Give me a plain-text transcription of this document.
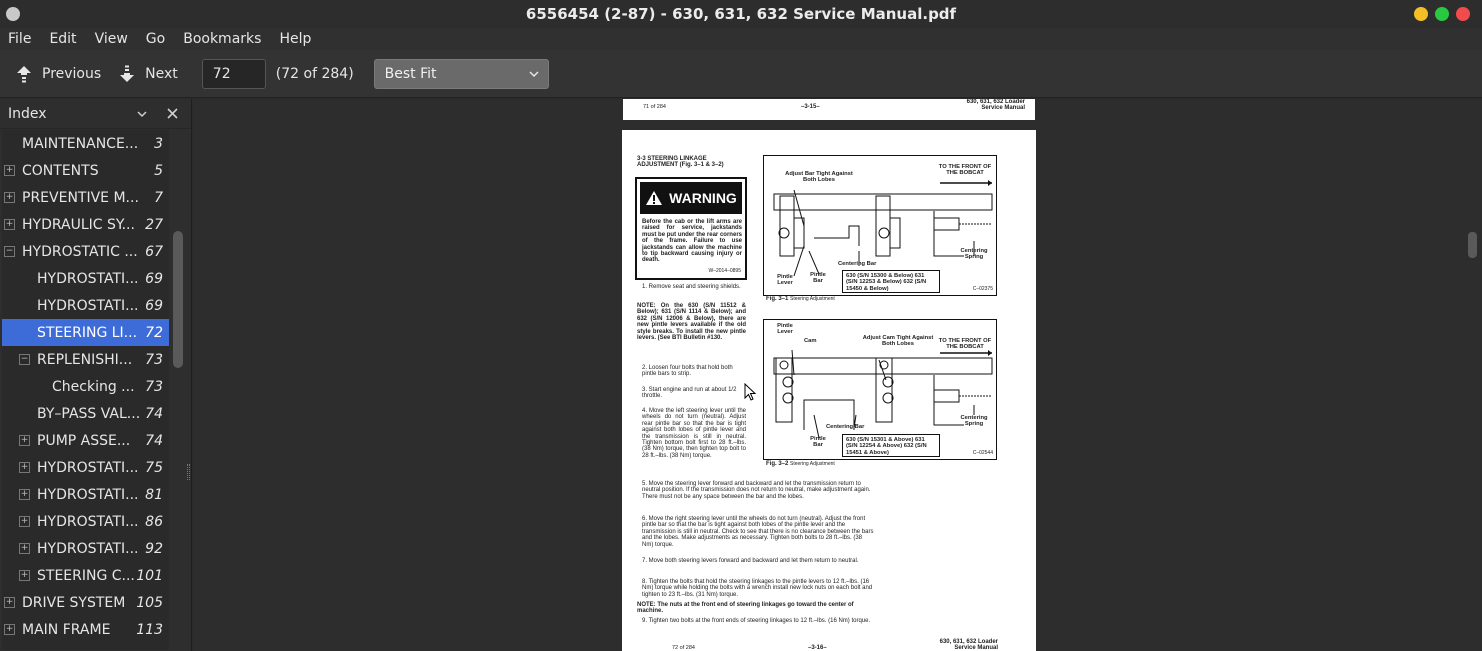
6556454 (2-87) - 630, 631, 632 Service Manual.pdf
File Edit View Go Bookmarks Help
Previous	Next
72	(72 of 284) Best Fit
Index
MAINTENANCE... 3
+ CONTENTS	5
+ PREVENTIVE M... 7
+ HYDRAULIC SY... 27
− HYDROSTATIC ... 67
HYDROSTATI... 69
HYDROSTATI... 69
STEERING LI... 72
− REPLENISHI... 73
Checking ... 73
BY–PASS VAL... 74
+ PUMP ASSE... 74
+ HYDROSTATI... 75
+ HYDROSTATI... 81
+ HYDROSTATI... 86
+ HYDROSTATI... 92
+ STEERING C... 101
+ DRIVE SYSTEM 105
+ MAIN FRAME 113
71 of 284	–3-15–
630, 631, 632 Loader
Service Manual
3-3 STEERING LINKAGE ADJUSTMENT (Fig. 3–1 & 3–2)
WARNING
Before the cab or the lift arms are raised for service, jackstands must be put under the rear corners of the frame. Failure to use jackstands can allow the machine to tip backward causing injury or death.
W–2014–0895
1. Remove seat and steering shields.
NOTE: On the 630 (S/N 11512 & Below); 631 (S/N 1114 & Below); and 632 (S/N 12006 & Below), there are new pintle levers available if the old style breaks. To install the new pintle levers. (See BTI Bulletin #130.
2. Loosen four bolts that hold both pintle bars to strip.
3. Start engine and run at about 1/2 throttle.
4. Move the left steering lever until the wheels do not turn (neutral). Adjust rear pintle bar so that the bar is tight against both lobes of pintle lever and the transmission is still in neutral. Tighten bottom bolt first to 28 ft.–lbs. (38 Nm) torque, then tighten top bolt to 28 ft.–lbs. (38 Nm) torque.
5. Move the steering lever forward and backward and let the transmission return to neutral position. If the transmission does not return to neutral, make adjustment again. There must not be any space between the bar and the lobes.
6. Move the right steering lever until the wheels do not turn (neutral). Adjust the front pintle bar so that the bar is tight against both lobes of the pintle lever and the transmission is still in neutral. Check to see that there is no clearance between the bars and the lobes. Make adjustments as necessary. Tighten both bolts to 28 ft.–lbs. (38 Nm) torque.
7. Move both steering levers forward and backward and let them return to neutral.
8. Tighten the bolts that hold the steering linkages to the pintle levers to 12 ft.–lbs. (16 Nm) torque while holding the bolts with a wrench install new lock nuts on each bolt and tighten to 23 ft.–lbs. (31 Nm) torque.
NOTE: The nuts at the front end of steering linkages go toward the center of machine.
9. Tighten two bolts at the front ends of steering linkages to 12 ft.–lbs. (16 Nm) torque.
Adjust Bar Tight Against Both Lobes
TO THE FRONT OF THE BOBCAT
Pintle Lever
Pintle Bar
Centering Bar
Centering Spring
630 (S/N 15300 & Below) 631 (S/N 12253 & Below) 632 (S/N 15450 & Below)	C–02375
Fig. 3–1 Steering Adjustment
Pintle Lever
Cam	Adjust Cam Tight Against Both Lobes
TO THE FRONT OF THE BOBCAT
Pintle Bar
Centering Bar
Centering Spring
630 (S/N 15301 & Above) 631 (S/N 12254 & Above) 632 (S/N 15451 & Above)	C–02544
Fig. 3–2 Steering Adjustment
72 of 284	–3-16–
630, 631, 632 Loader
Service Manual
